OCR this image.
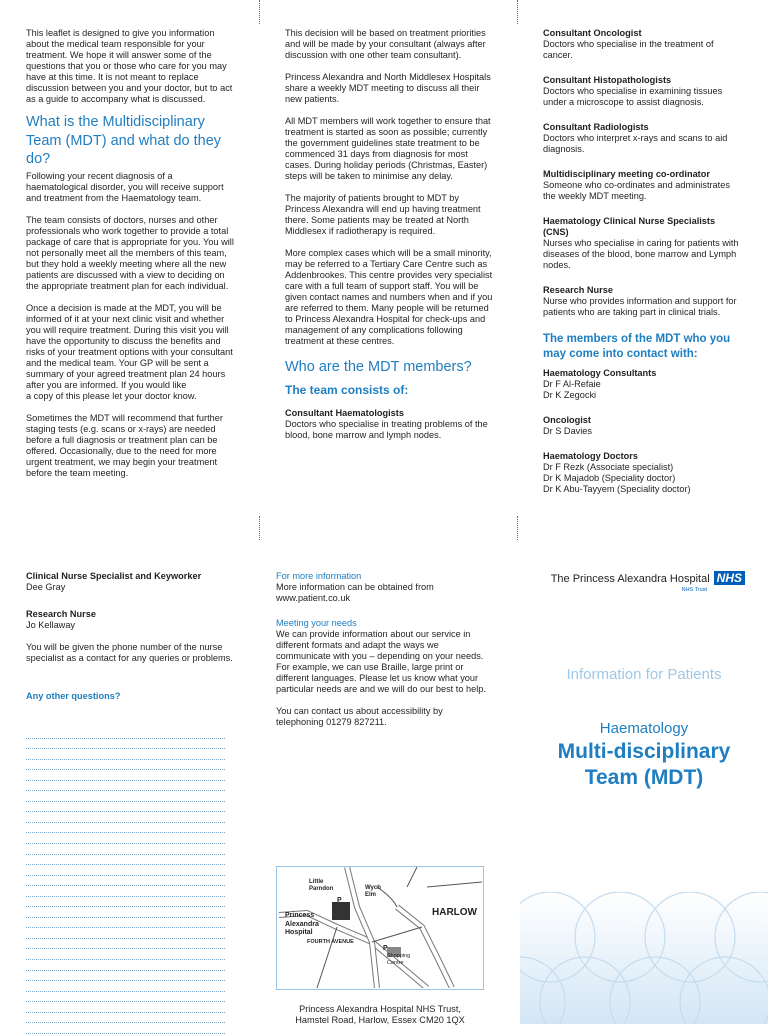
This leaflet is designed to give you information about the medical team responsible for your treatment. We hope it will answer some of the questions that you or those who care for you may have at this time. It is not meant to replace discussion between you and your doctor, but to act as a guide to accompany what is discussed.

What is the Multidisciplinary Team (MDT) and what do they do?

Following your recent diagnosis of a haematological disorder, you will receive support and treatment from the Haematology team.

The team consists of doctors, nurses and other professionals who work together to provide a total package of care that is appropriate for you. You will not personally meet all the members of this team, but they hold a weekly meeting where all the new patients are discussed with a view to deciding on the appropriate treatment plan for each individual.

Once a decision is made at the MDT, you will be informed of it at your next clinic visit and whether you will require treatment. During this visit you will have the opportunity to discuss the benefits and risks of your treatment options with your consultant and the medical team. Your GP will be sent a summary of your agreed treatment plan 24 hours after you are informed. If you would like
a copy of this please let your doctor know.

Sometimes the MDT will recommend that further staging tests (e.g. scans or x-rays) are needed before a full diagnosis or treatment plan can be offered. Occasionally, due to the need for more urgent treatment, we may begin your treatment before the team meeting.

This decision will be based on treatment priorities and will be made by your consultant (always after discussion with one other team consultant).

Princess Alexandra and North Middlesex Hospitals share a weekly MDT meeting to discuss all their new patients.

All MDT members will work together to ensure that treatment is started as soon as possible; currently the government guidelines state treatment to be commenced 31 days from diagnosis for most cases. During holiday periods (Christmas, Easter) steps will be taken to minimise any delay.

The majority of patients brought to MDT by Princess Alexandra will end up having treatment there. Some patients may be treated at North Middlesex if radiotherapy is required.

More complex cases which will be a small minority, may be referred to a Tertiary Care Centre such as Addenbrookes. This centre provides very specialist care with a full team of support staff. You will be given contact names and numbers when and if you are referred to them. Many people will be returned to Princess Alexandra Hospital for check-ups and management of any complications following treatment at these centres.

Who are the MDT members?
The team consists of:
Consultant Haematologists
Doctors who specialise in treating problems of the blood, bone marrow and lymph nodes.
Consultant Oncologist
Doctors who specialise in the treatment of cancer.
Consultant Histopathologists
Doctors who specialise in examining tissues under a microscope to assist diagnosis.
Consultant Radiologists
Doctors who interpret x-rays and scans to aid diagnosis.
Multidisciplinary meeting co-ordinator
Someone who co-ordinates and administrates the weekly MDT meeting.
Haematology Clinical Nurse Specialists (CNS)
Nurses who specialise in caring for patients with diseases of the blood, bone marrow and Lymph nodes.
Research Nurse
Nurse who provides information and support for patients who are taking part in clinical trials.
The members of the MDT who you may come into contact with:
Haematology Consultants
Dr F Al-Refaie
Dr K Zegocki
Oncologist
Dr S Davies
Haematology Doctors
Dr F Rezk (Associate specialist)
Dr K Majadob (Speciality doctor)
Dr K Abu-Tayyem (Speciality doctor)
Clinical Nurse Specialist and Keyworker
Dee Gray
Research Nurse
Jo Kellaway

You will be given the phone number of the nurse specialist as a contact for any queries or problems.

Any other questions?
For more information

More information can be obtained from www.patient.co.uk

Meeting your needs

We can provide information about our service in different formats and adapt the ways we communicate with you – depending on your needs. For example, we can use Braille, large print or different languages. Please let us know what your particular needs are and we will do our best to help.

You can contact us about accessibility by telephoning 01279 827211.

Little Parndon	Wych Elm
HARLOW
Princess Alexandra Hospital
FOURTH AVENUE
Shopping Centre
P
P
Princess Alexandra Hospital NHS Trust,
Hamstel Road, Harlow, Essex CM20 1QX
The Princess Alexandra Hospital NHS
NHS Trust
Information for Patients
Haematology
Multi-disciplinary
Team (MDT)
